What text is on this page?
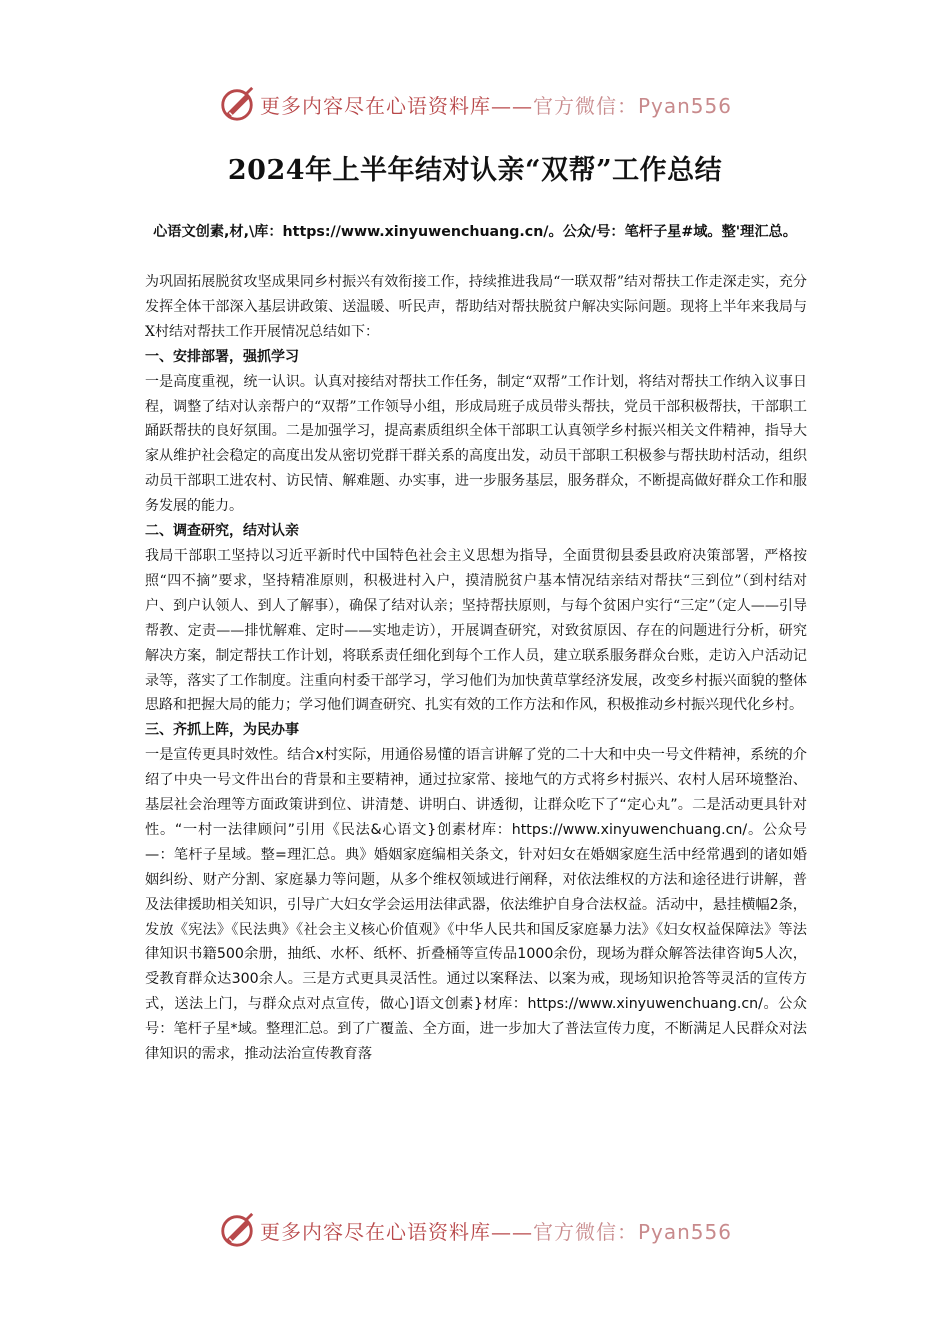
更多内容尽在心语资料库——官方微信：Pyan556
2024年上半年结对认亲“双帮”工作总结
心语文创素,材,\库：https://www.xinyuwenchuang.cn/。公众/号：笔杆子星#域。整'理汇总。

为巩固拓展脱贫攻坚成果同乡村振兴有效衔接工作，持续推进我局“一联双帮”结对帮扶工作走深走实，充分发挥全体干部深入基层讲政策、送温暖、听民声，帮助结对帮扶脱贫户解决实际问题。现将上半年来我局与X村结对帮扶工作开展情况总结如下：

一、安排部署，强抓学习

一是高度重视，统一认识。认真对接结对帮扶工作任务，制定“双帮”工作计划，将结对帮扶工作纳入议事日程，调整了结对认亲帮户的“双帮”工作领导小组，形成局班子成员带头帮扶，党员干部积极帮扶，干部职工踊跃帮扶的良好氛围。二是加强学习，提高素质组织全体干部职工认真领学乡村振兴相关文件精神，指导大家从维护社会稳定的高度出发从密切党群干群关系的高度出发，动员干部职工积极参与帮扶助村活动，组织动员干部职工进农村、访民情、解难题、办实事，进一步服务基层，服务群众，不断提高做好群众工作和服务发展的能力。

二、调查研究，结对认亲

我局干部职工坚持以习近平新时代中国特色社会主义思想为指导，全面贯彻县委县政府决策部署，严格按照“四不摘”要求，坚持精准原则，积极进村入户，摸清脱贫户基本情况结亲结对帮扶“三到位”（到村结对户、到户认领人、到人了解事），确保了结对认亲；坚持帮扶原则，与每个贫困户实行“三定”（定人——引导帮教、定责——排忧解难、定时——实地走访），开展调查研究，对致贫原因、存在的问题进行分析，研究解决方案，制定帮扶工作计划，将联系责任细化到每个工作人员，建立联系服务群众台账，走访入户活动记录等，落实了工作制度。注重向村委干部学习，学习他们为加快黄草掌经济发展，改变乡村振兴面貌的整体思路和把握大局的能力；学习他们调查研究、扎实有效的工作方法和作风，积极推动乡村振兴现代化乡村。

三、齐抓上阵，为民办事

一是宣传更具时效性。结合x村实际，用通俗易懂的语言讲解了党的二十大和中央一号文件精神，系统的介绍了中央一号文件出台的背景和主要精神，通过拉家常、接地气的方式将乡村振兴、农村人居环境整治、基层社会治理等方面政策讲到位、讲清楚、讲明白、讲透彻，让群众吃下了“定心丸”。二是活动更具针对性。“一村一法律顾问”引用《民法&心语文}创素材库：https://www.xinyuwenchuang.cn/。公众号—：笔杆子星域。整=理汇总。典》婚姻家庭编相关条文，针对妇女在婚姻家庭生活中经常遇到的诸如婚姻纠纷、财产分割、家庭暴力等问题，从多个维权领域进行阐释，对依法维权的方法和途径进行讲解，普及法律援助相关知识，引导广大妇女学会运用法律武器，依法维护自身合法权益。活动中，悬挂横幅2条，发放《宪法》《民法典》《社会主义核心价值观》《中华人民共和国反家庭暴力法》《妇女权益保障法》等法律知识书籍500余册，抽纸、水杯、纸杯、折叠桶等宣传品1000余份，现场为群众解答法律咨询5人次，受教育群众达300余人。三是方式更具灵活性。通过以案释法、以案为戒，现场知识抢答等灵活的宣传方式，送法上门，与群众点对点宣传，做心]语文创素}材库：https://www.xinyuwenchuang.cn/。公众号：笔杆子星*域。整理汇总。到了广覆盖、全方面，进一步加大了普法宣传力度，不断满足人民群众对法律知识的需求，推动法治宣传教育落

更多内容尽在心语资料库——官方微信：Pyan556
